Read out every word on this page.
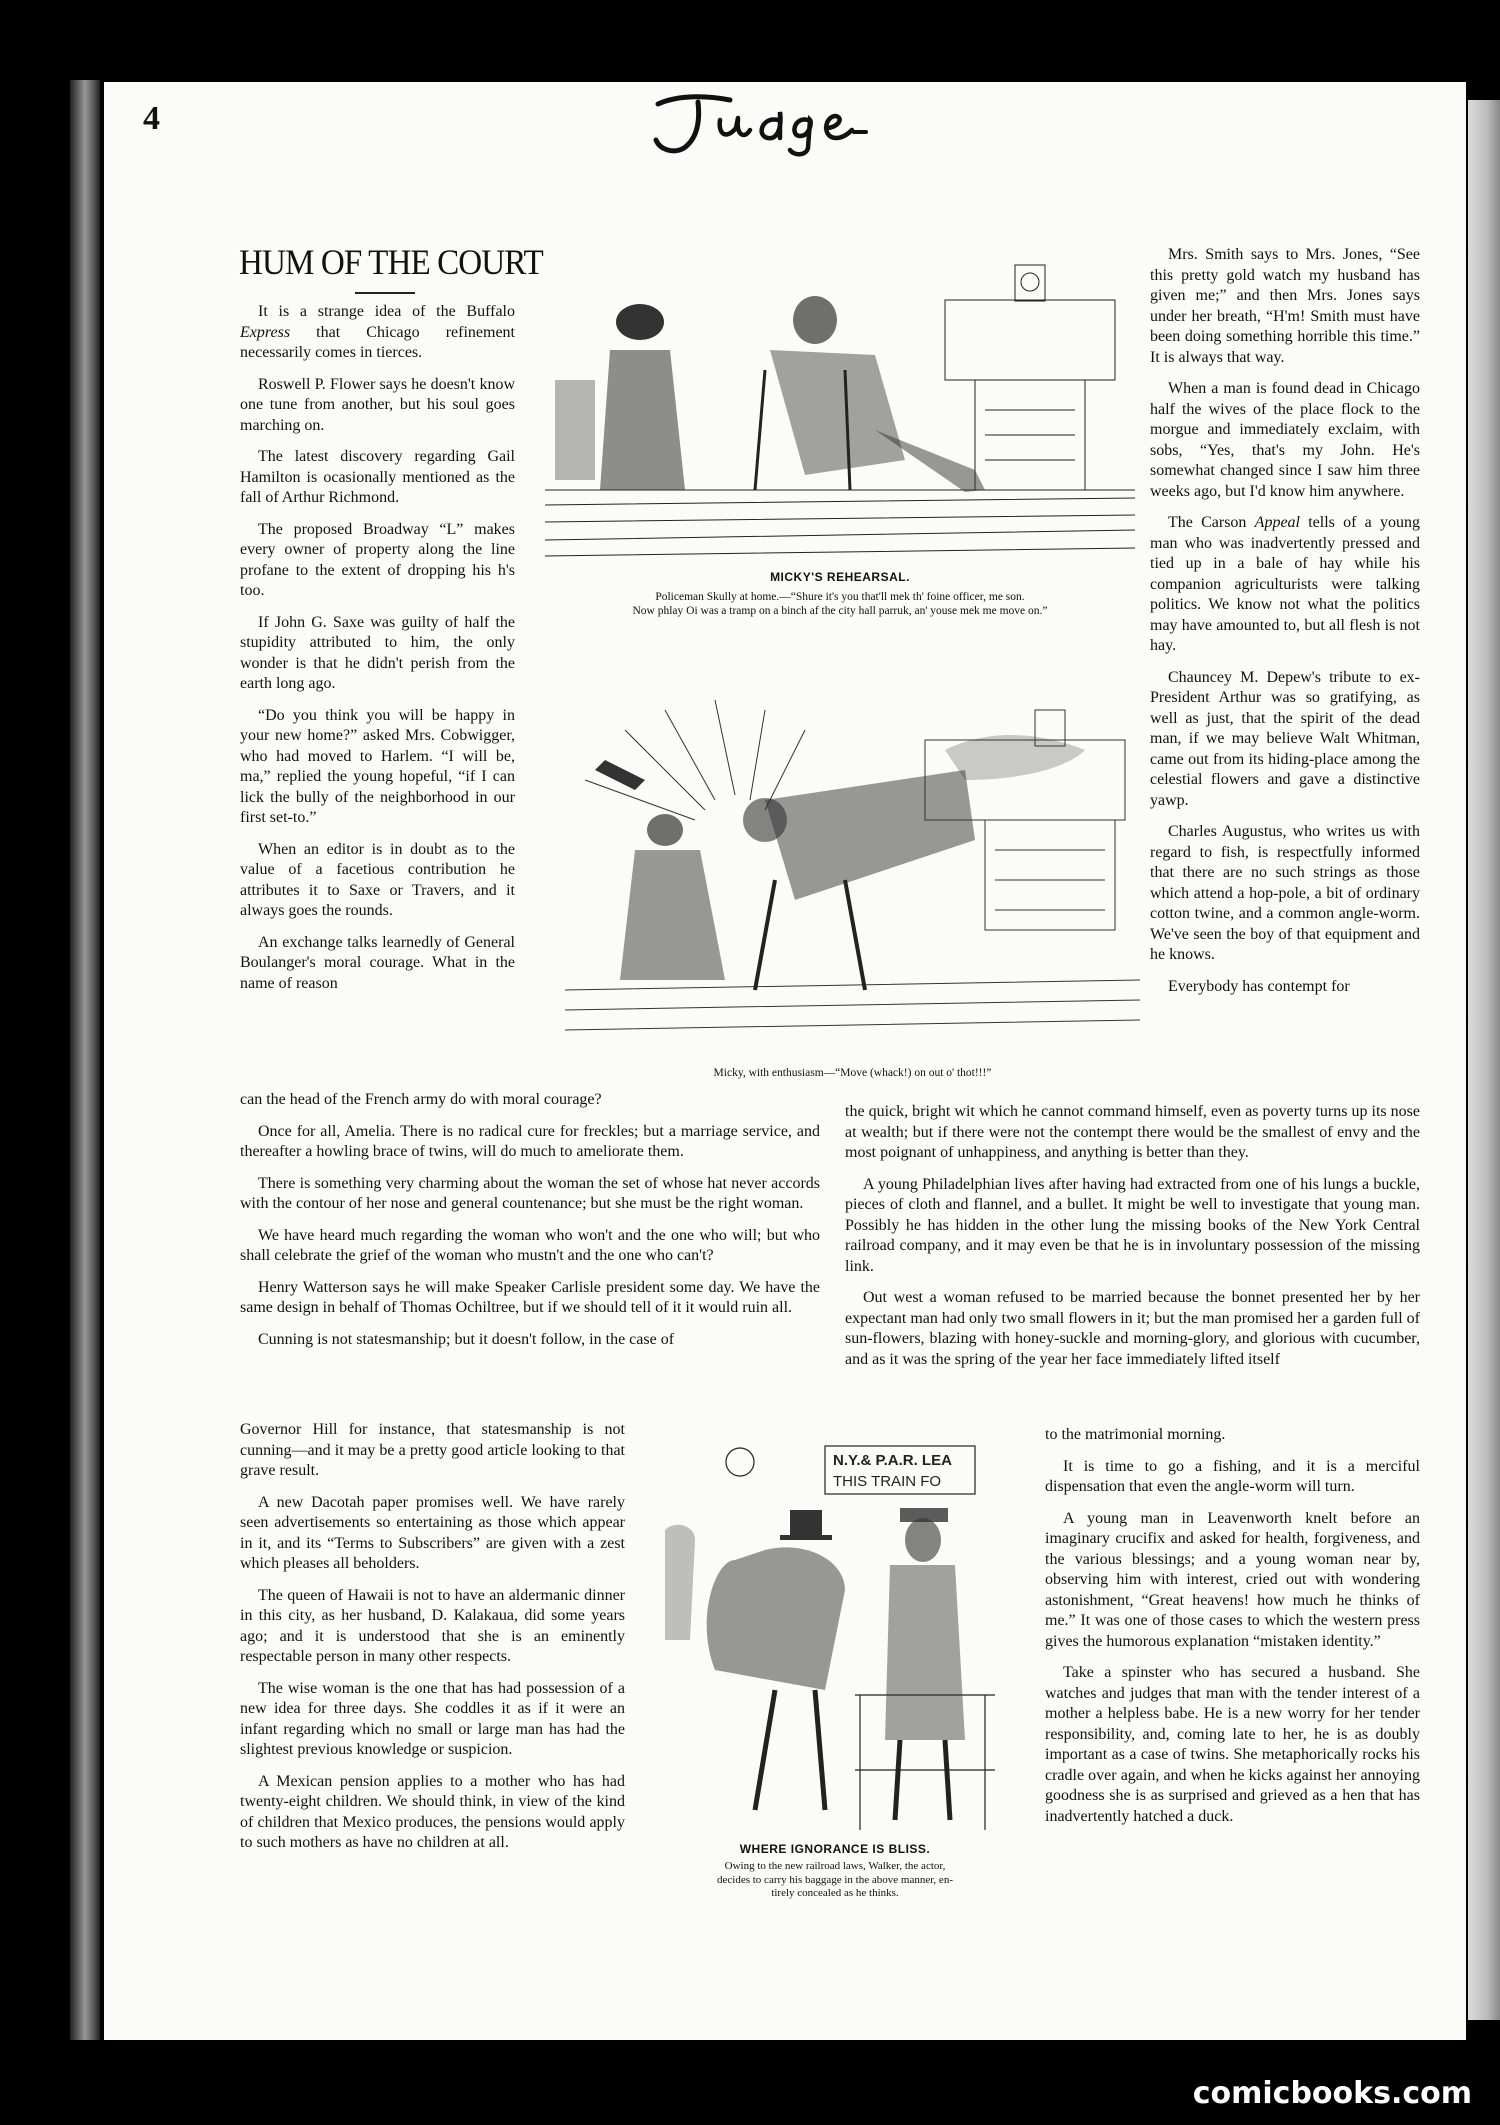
4
HUM OF THE COURT

It is a strange idea of the Buffalo Express that Chicago refinement necessarily comes in tierces.

Roswell P. Flower says he doesn't know one tune from another, but his soul goes marching on.

The latest discovery regarding Gail Hamilton is ocasionally mentioned as the fall of Arthur Richmond.

The proposed Broadway “L” makes every owner of property along the line profane to the extent of dropping his h's too.

If John G. Saxe was guilty of half the stupidity attributed to him, the only wonder is that he didn't perish from the earth long ago.

“Do you think you will be happy in your new home?” asked Mrs. Cobwigger, who had moved to Harlem. “I will be, ma,” replied the young hopeful, “if I can lick the bully of the neighborhood in our first set-to.”

When an editor is in doubt as to the value of a facetious contribution he attributes it to Saxe or Travers, and it always goes the rounds.

An exchange talks learnedly of General Boulanger's moral courage. What in the name of reason

can the head of the French army do with moral courage?

Once for all, Amelia. There is no radical cure for freckles; but a marriage service, and thereafter a howling brace of twins, will do much to ameliorate them.

There is something very charming about the woman the set of whose hat never accords with the contour of her nose and general countenance; but she must be the right woman.

We have heard much regarding the woman who won't and the one who will; but who shall celebrate the grief of the woman who mustn't and the one who can't?

Henry Watterson says he will make Speaker Carlisle president some day. We have the same design in behalf of Thomas Ochiltree, but if we should tell of it it would ruin all.

Cunning is not statesmanship; but it doesn't follow, in the case of

Governor Hill for instance, that statesmanship is not cunning—and it may be a pretty good article looking to that grave result.

A new Dacotah paper promises well. We have rarely seen advertisements so entertaining as those which appear in it, and its “Terms to Subscribers” are given with a zest which pleases all beholders.

The queen of Hawaii is not to have an aldermanic dinner in this city, as her husband, D. Kalakaua, did some years ago; and it is understood that she is an eminently respectable person in many other respects.

The wise woman is the one that has had possession of a new idea for three days. She coddles it as if it were an infant regarding which no small or large man has had the slightest previous knowledge or suspicion.

A Mexican pension applies to a mother who has had twenty-eight children. We should think, in view of the kind of children that Mexico produces, the pensions would apply to such mothers as have no children at all.

MICKY'S REHEARSAL.
Policeman Skully at home.—“Shure it's you that'll mek th' foine officer, me son.
Now phlay Oi was a tramp on a binch af the city hall parruk, an' youse mek me move on.”
Micky, with enthusiasm—“Move (whack!) on out o' thot!!!”

Mrs. Smith says to Mrs. Jones, “See this pretty gold watch my husband has given me;” and then Mrs. Jones says under her breath, “H'm! Smith must have been doing something horrible this time.” It is always that way.

When a man is found dead in Chicago half the wives of the place flock to the morgue and immediately exclaim, with sobs, “Yes, that's my John. He's somewhat changed since I saw him three weeks ago, but I'd know him anywhere.

The Carson Appeal tells of a young man who was inadvertently pressed and tied up in a bale of hay while his companion agriculturists were talking politics. We know not what the politics may have amounted to, but all flesh is not hay.

Chauncey M. Depew's tribute to ex-President Arthur was so gratifying, as well as just, that the spirit of the dead man, if we may believe Walt Whitman, came out from its hiding-place among the celestial flowers and gave a distinctive yawp.

Charles Augustus, who writes us with regard to fish, is respectfully informed that there are no such strings as those which attend a hop-pole, a bit of ordinary cotton twine, and a common angle-worm. We've seen the boy of that equipment and he knows.

Everybody has contempt for

the quick, bright wit which he cannot command himself, even as poverty turns up its nose at wealth; but if there were not the contempt there would be the smallest of envy and the most poignant of unhappiness, and anything is better than they.

A young Philadelphian lives after having had extracted from one of his lungs a buckle, pieces of cloth and flannel, and a bullet. It might be well to investigate that young man. Possibly he has hidden in the other lung the missing books of the New York Central railroad company, and it may even be that he is in involuntary possession of the missing link.

Out west a woman refused to be married because the bonnet presented her by her expectant man had only two small flowers in it; but the man promised her a garden full of sun-flowers, blazing with honey-suckle and morning-glory, and glorious with cucumber, and as it was the spring of the year her face immediately lifted itself

N.Y.& P.A.R. LEA
THIS TRAIN FO
WHERE IGNORANCE IS BLISS.
Owing to the new railroad laws, Walker, the actor,
decides to carry his baggage in the above manner, en-
tirely concealed as he thinks.

to the matrimonial morning.

It is time to go a fishing, and it is a merciful dispensation that even the angle-worm will turn.

A young man in Leavenworth knelt before an imaginary crucifix and asked for health, forgiveness, and the various blessings; and a young woman near by, observing him with interest, cried out with wondering astonishment, “Great heavens! how much he thinks of me.” It was one of those cases to which the western press gives the humorous explanation “mistaken identity.”

Take a spinster who has secured a husband. She watches and judges that man with the tender interest of a mother a helpless babe. He is a new worry for her tender responsibility, and, coming late to her, he is as doubly important as a case of twins. She metaphorically rocks his cradle over again, and when he kicks against her annoying goodness she is as surprised and grieved as a hen that has inadvertently hatched a duck.

comicbooks.com
